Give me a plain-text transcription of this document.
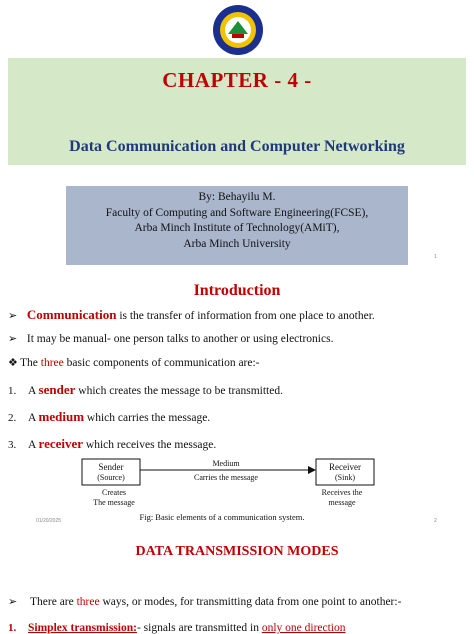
CHAPTER - 4 -
Data Communication and Computer Networking
By: Behayilu M.
Faculty of Computing and Software Engineering(FCSE),
Arba Minch Institute of Technology(AMiT),
Arba Minch University
1
Introduction
➢ Communication is the transfer of information from one place to another.
➢ It may be manual- one person talks to another or using electronics.
❖ The three basic components of communication are:-
1. A sender which creates the message to be transmitted.
2. A medium which carries the message.
3. A receiver which receives the message.
Sender
(Source)
Medium
Carries the message
Receiver
(Sink)
Creates
The message
Receives the
message
Fig: Basic elements of a communication system.
01/20/2025	2
DATA TRANSMISSION MODES
➢ There are three ways, or modes, for transmitting data from one point to another:-
1. Simplex transmission:- signals are transmitted in only one direction
